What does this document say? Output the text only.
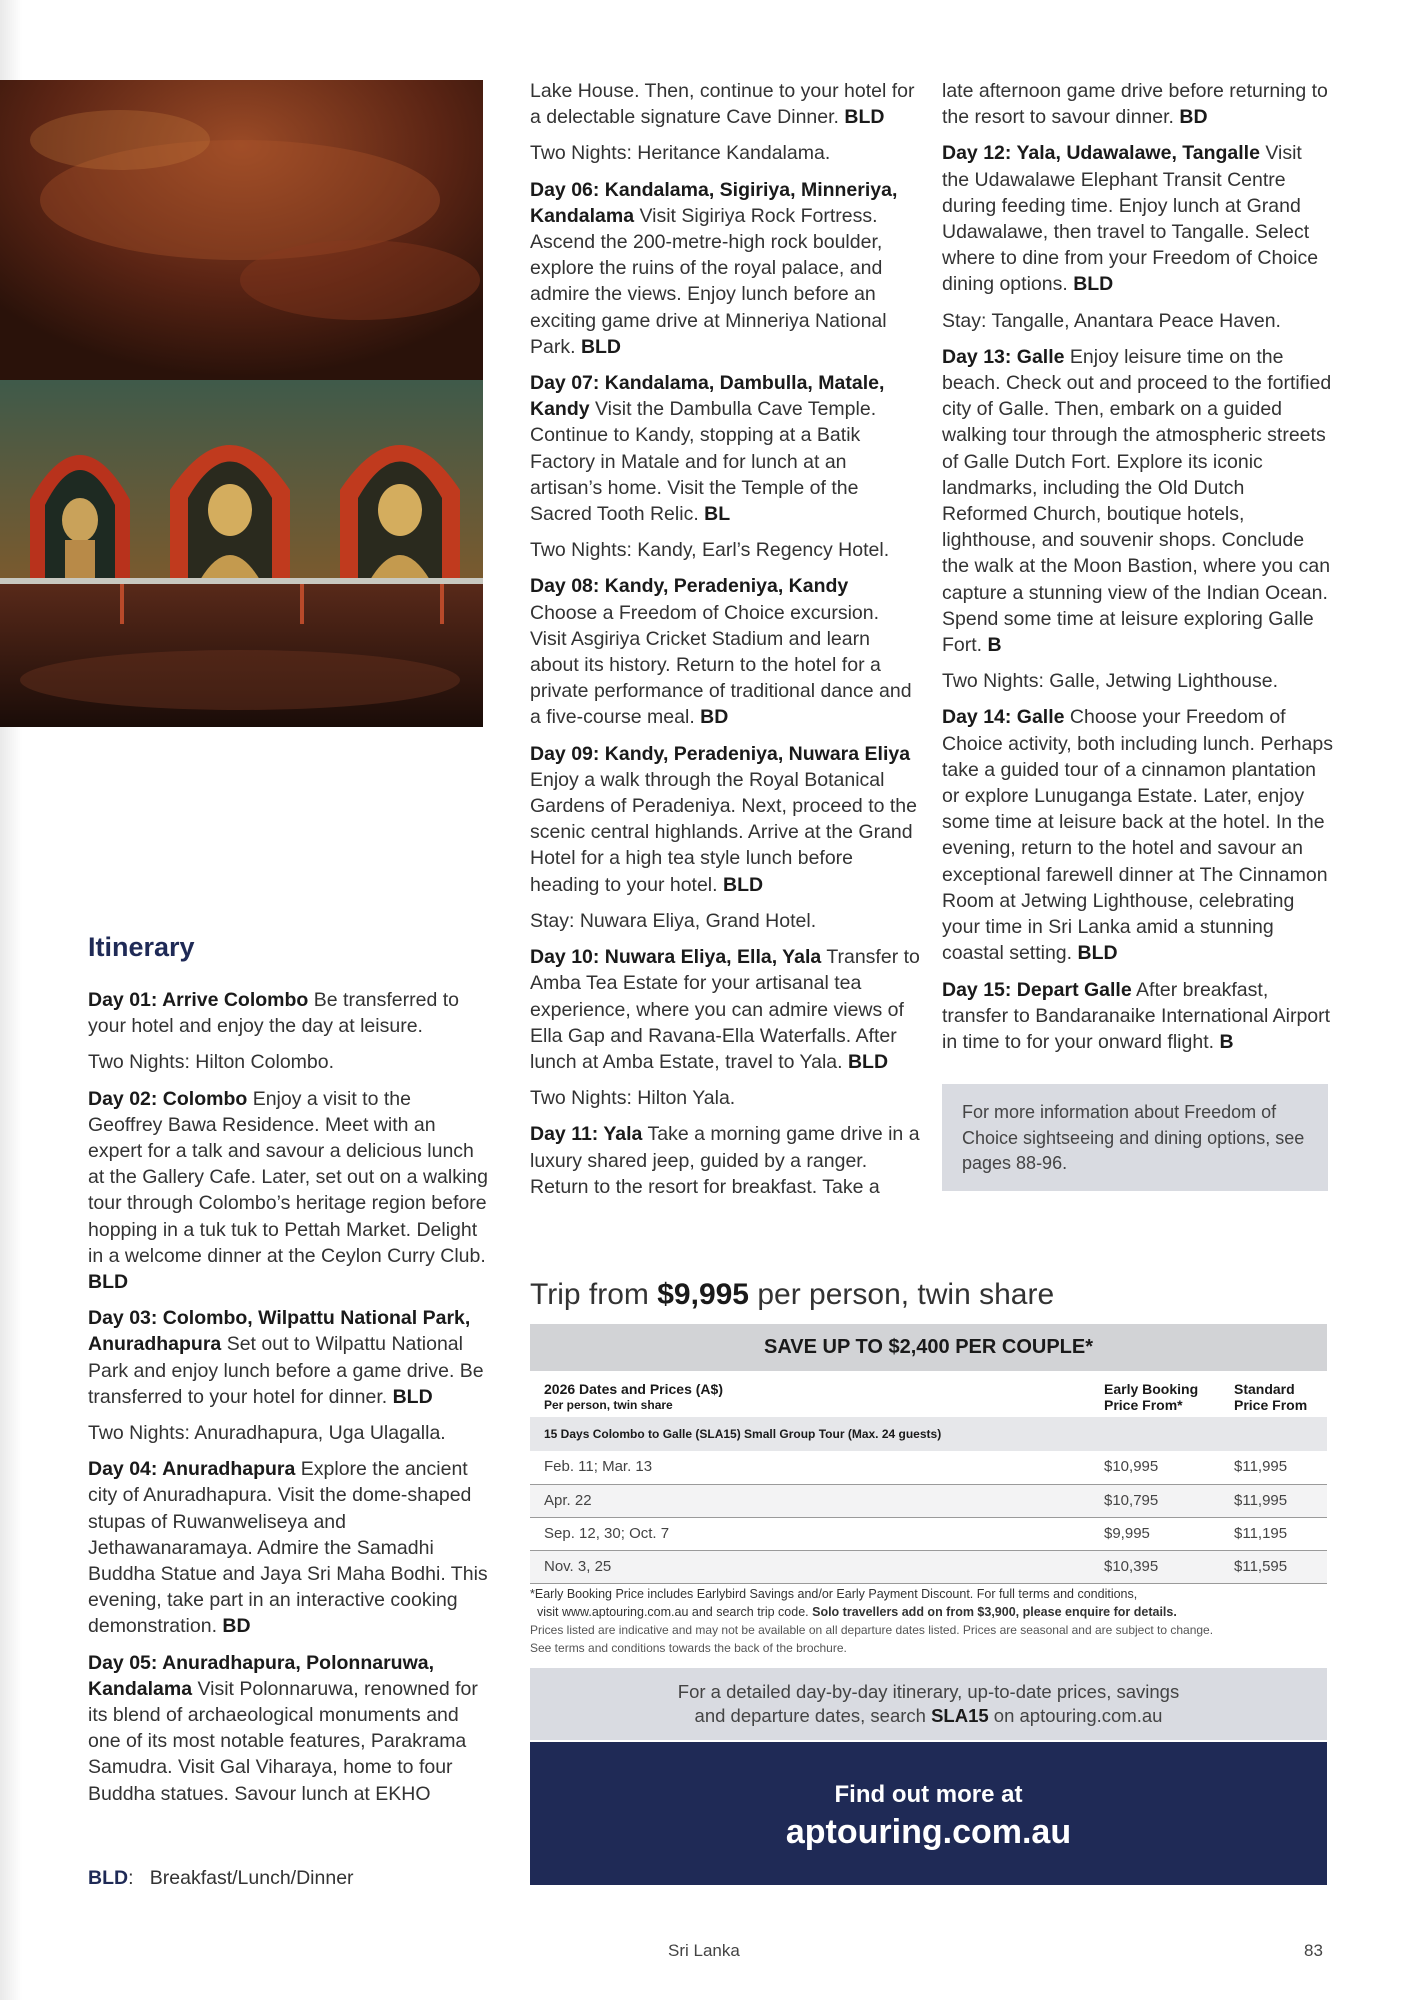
Itinerary

Day 01: Arrive Colombo Be transferred to your hotel and enjoy the day at leisure.

Two Nights: Hilton Colombo.

Day 02: Colombo Enjoy a visit to the Geoffrey Bawa Residence. Meet with an expert for a talk and savour a delicious lunch at the Gallery Cafe. Later, set out on a walking tour through Colombo’s heritage region before hopping in a tuk tuk to Pettah Market. Delight in a welcome dinner at the Ceylon Curry Club. BLD

Day 03: Colombo, Wilpattu National Park, Anuradhapura Set out to Wilpattu National Park and enjoy lunch before a game drive. Be transferred to your hotel for dinner. BLD

Two Nights: Anuradhapura, Uga Ulagalla.

Day 04: Anuradhapura Explore the ancient city of Anuradhapura. Visit the dome-shaped stupas of Ruwanweliseya and Jethawanaramaya. Admire the Samadhi Buddha Statue and Jaya Sri Maha Bodhi. This evening, take part in an interactive cooking demonstration. BD

Day 05: Anuradhapura, Polonnaruwa, Kandalama Visit Polonnaruwa, renowned for its blend of archaeological monuments and one of its most notable features, Parakrama Samudra. Visit Gal Viharaya, home to four Buddha statues. Savour lunch at EKHO

BLD:   Breakfast/Lunch/Dinner

Lake House. Then, continue to your hotel for a delectable signature Cave Dinner. BLD

Two Nights: Heritance Kandalama.

Day 06: Kandalama, Sigiriya, Minneriya, Kandalama Visit Sigiriya Rock Fortress. Ascend the 200-metre-high rock boulder, explore the ruins of the royal palace, and admire the views. Enjoy lunch before an exciting game drive at Minneriya National Park. BLD

Day 07: Kandalama, Dambulla, Matale, Kandy Visit the Dambulla Cave Temple. Continue to Kandy, stopping at a Batik Factory in Matale and for lunch at an artisan’s home. Visit the Temple of the Sacred Tooth Relic. BL

Two Nights: Kandy, Earl’s Regency Hotel.

Day 08: Kandy, Peradeniya, Kandy Choose a Freedom of Choice excursion. Visit Asgiriya Cricket Stadium and learn about its history. Return to the hotel for a private performance of traditional dance and a five-course meal. BD

Day 09: Kandy, Peradeniya, Nuwara Eliya Enjoy a walk through the Royal Botanical Gardens of Peradeniya. Next, proceed to the scenic central highlands. Arrive at the Grand Hotel for a high tea style lunch before heading to your hotel. BLD

Stay: Nuwara Eliya, Grand Hotel.

Day 10: Nuwara Eliya, Ella, Yala Transfer to Amba Tea Estate for your artisanal tea experience, where you can admire views of Ella Gap and Ravana-Ella Waterfalls. After lunch at Amba Estate, travel to Yala. BLD

Two Nights: Hilton Yala.

Day 11: Yala Take a morning game drive in a luxury shared jeep, guided by a ranger. Return to the resort for breakfast. Take a

late afternoon game drive before returning to the resort to savour dinner. BD

Day 12: Yala, Udawalawe, Tangalle Visit the Udawalawe Elephant Transit Centre during feeding time. Enjoy lunch at Grand Udawalawe, then travel to Tangalle. Select where to dine from your Freedom of Choice dining options. BLD

Stay: Tangalle, Anantara Peace Haven.

Day 13: Galle Enjoy leisure time on the beach. Check out and proceed to the fortified city of Galle. Then, embark on a guided walking tour through the atmospheric streets of Galle Dutch Fort. Explore its iconic landmarks, including the Old Dutch Reformed Church, boutique hotels, lighthouse, and souvenir shops. Conclude the walk at the Moon Bastion, where you can capture a stunning view of the Indian Ocean. Spend some time at leisure exploring Galle Fort. B

Two Nights: Galle, Jetwing Lighthouse.

Day 14: Galle Choose your Freedom of Choice activity, both including lunch. Perhaps take a guided tour of a cinnamon plantation or explore Lunuganga Estate. Later, enjoy some time at leisure back at the hotel. In the evening, return to the hotel and savour an exceptional farewell dinner at The Cinnamon Room at Jetwing Lighthouse, celebrating your time in Sri Lanka amid a stunning coastal setting. BLD

Day 15: Depart Galle After breakfast, transfer to Bandaranaike International Airport in time to for your onward flight. B

For more information about Freedom of Choice sightseeing and dining options, see pages 88-96.
Trip from $9,995 per person, twin share
SAVE UP TO $2,400 PER COUPLE*
2026 Dates and Prices (A$)
Per person, twin share	Early Booking Price From*	Standard Price From
15 Days Colombo to Galle (SLA15) Small Group Tour (Max. 24 guests)		
Feb. 11; Mar. 13	$10,995	$11,995
Apr. 22	$10,795	$11,995
Sep. 12, 30; Oct. 7	$9,995	$11,195
Nov. 3, 25	$10,395	$11,595
*Early Booking Price includes Earlybird Savings and/or Early Payment Discount. For full terms and conditions,
visit www.aptouring.com.au and search trip code. Solo travellers add on from $3,900, please enquire for details.
Prices listed are indicative and may not be available on all departure dates listed. Prices are seasonal and are subject to change.
See terms and conditions towards the back of the brochure.
For a detailed day-by-day itinerary, up-to-date prices, savings
and departure dates, search SLA15 on aptouring.com.au
Find out more at
aptouring.com.au
Sri Lanka	83
